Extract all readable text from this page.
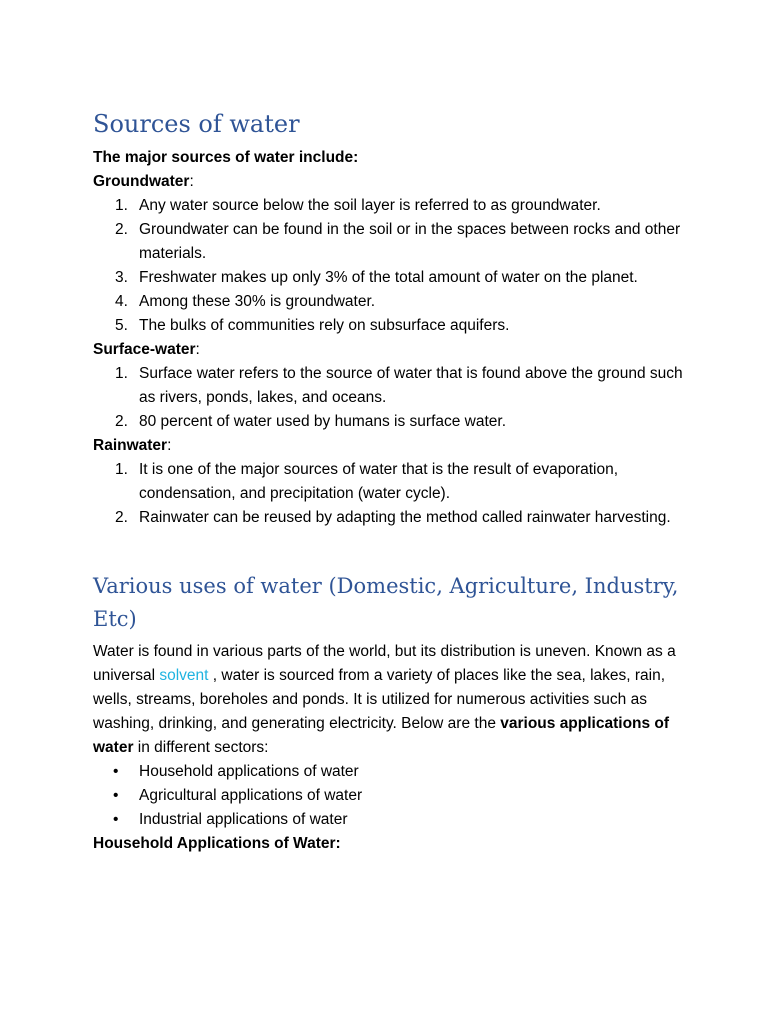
Sources of water

The major sources of water include:

Groundwater:

1. Any water source below the soil layer is referred to as groundwater.
2. Groundwater can be found in the soil or in the spaces between rocks and other materials.
3. Freshwater makes up only 3% of the total amount of water on the planet.
4. Among these 30% is groundwater.
5. The bulks of communities rely on subsurface aquifers.

Surface-water:

1. Surface water refers to the source of water that is found above the ground such as rivers, ponds, lakes, and oceans.
2. 80 percent of water used by humans is surface water.

Rainwater:

1. It is one of the major sources of water that is the result of evaporation, condensation, and precipitation (water cycle).
2. Rainwater can be reused by adapting the method called rainwater harvesting.
Various uses of water (Domestic, Agriculture, Industry, Etc)

Water is found in various parts of the world, but its distribution is uneven. Known as a universal solvent , water is sourced from a variety of places like the sea, lakes, rain, wells, streams, boreholes and ponds. It is utilized for numerous activities such as washing, drinking, and generating electricity. Below are the various applications of water in different sectors:

• Household applications of water
• Agricultural applications of water
• Industrial applications of water

Household Applications of Water:
